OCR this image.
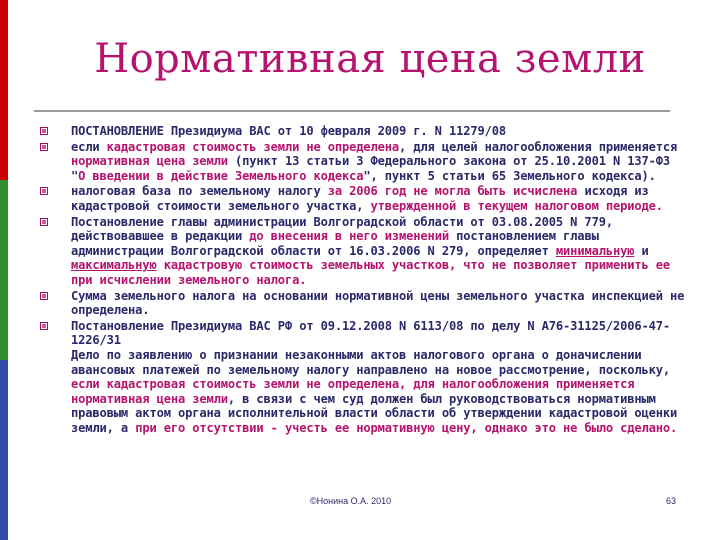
Нормативная цена земли
ПОСТАНОВЛЕНИЕ Президиума ВАС от 10 февраля 2009 г. N 11279/08
если кадастровая стоимость земли не определена, для целей налогообложения применяется нормативная цена земли (пункт 13 статьи 3 Федерального закона от 25.10.2001 N 137-ФЗ "О введении в действие Земельного кодекса", пункт 5 статьи 65 Земельного кодекса).
налоговая база по земельному налогу за 2006 год не могла быть исчислена исходя из кадастровой стоимости земельного участка, утвержденной в текущем налоговом периоде.
Постановление главы администрации Волгоградской области от 03.08.2005 N 779, действовавшее в редакции до внесения в него изменений постановлением главы администрации Волгоградской области от 16.03.2006 N 279, определяет минимальную и максимальную кадастровую стоимость земельных участков, что не позволяет применить ее при исчислении земельного налога.
Сумма земельного налога на основании нормативной цены земельного участка инспекцией не определена.
Постановление Президиума ВАС РФ от 09.12.2008 N 6113/08 по делу N А76-31125/2006-47-1226/31
Дело по заявлению о признании незаконными актов налогового органа о доначислении авансовых платежей по земельному налогу направлено на новое рассмотрение, поскольку, если кадастровая стоимость земли не определена, для налогообложения применяется нормативная цена земли, в связи с чем суд должен был руководствоваться нормативным правовым актом органа исполнительной власти области об утверждении кадастровой оценки земли, а при его отсутствии - учесть ее нормативную цену, однако это не было сделано.
©Нонина О.А. 2010	63
